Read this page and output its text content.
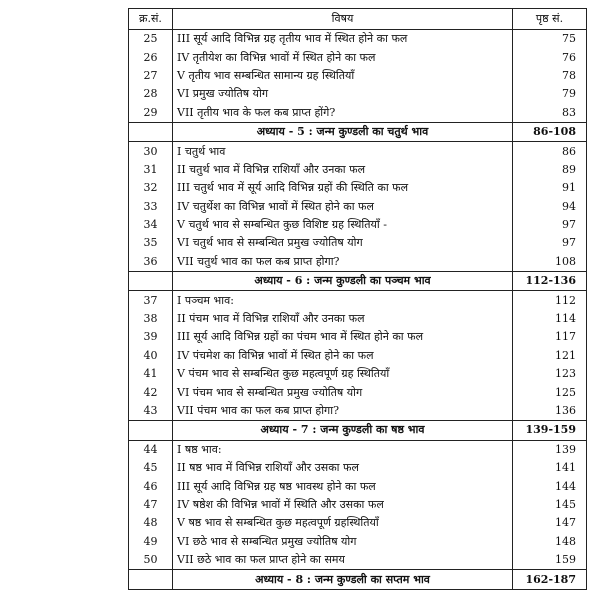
क्र.सं.	विषय	पृष्ठ सं.
25	III सूर्य आदि विभिन्न ग्रह तृतीय भाव में स्थित होने का फल	75
26	IV तृतीयेश का विभिन्न भावों में स्थित होने का फल	76
27	V तृतीय भाव सम्बन्धित सामान्य ग्रह स्थितियाँ	78
28	VI प्रमुख ज्योतिष योग	79
29	VII तृतीय भाव के फल कब प्राप्त होंगे?	83
	अध्याय - 5 : जन्म कुण्डली का चतुर्थ भाव	86-108
30	I चतुर्थ भाव	86
31	II चतुर्थ भाव में विभिन्न राशियाँ और उनका फल	89
32	III चतुर्थ भाव में सूर्य आदि विभिन्न ग्रहों की स्थिति का फल	91
33	IV चतुर्थेश का विभिन्न भावों में स्थित होने का फल	94
34	V चतुर्थ भाव से सम्बन्धित कुछ विशिष्ट ग्रह स्थितियाँ -	97
35	VI चतुर्थ भाव से सम्बन्धित प्रमुख ज्योतिष योग	97
36	VII चतुर्थ भाव का फल कब प्राप्त होगा?	108
	अध्याय - 6 : जन्म कुण्डली का पञ्चम भाव	112-136
37	I पञ्चम भाव:	112
38	II पंचम भाव में विभिन्न राशियाँ और उनका फल	114
39	III सूर्य आदि विभिन्न ग्रहों का पंचम भाव में स्थित होने का फल	117
40	IV पंचमेश का विभिन्न भावों में स्थित होने का फल	121
41	V पंचम भाव से सम्बन्धित कुछ महत्वपूर्ण ग्रह स्थितियाँ	123
42	VI पंचम भाव से सम्बन्धित प्रमुख ज्योतिष योग	125
43	VII पंचम भाव का फल कब प्राप्त होगा?	136
	अध्याय - 7 : जन्म कुण्डली का षष्ठ भाव	139-159
44	I षष्ठ भाव:	139
45	II षष्ठ भाव में विभिन्न राशियाँ और उसका फल	141
46	III सूर्य आदि विभिन्न ग्रह षष्ठ भावस्थ होने का फल	144
47	IV षष्ठेश की विभिन्न भावों में स्थिति और उसका फल	145
48	V षष्ठ भाव से सम्बन्धित कुछ महत्वपूर्ण ग्रहस्थितियाँ	147
49	VI छठे भाव से सम्बन्धित प्रमुख ज्योतिष योग	148
50	VII छठे भाव का फल प्राप्त होने का समय	159
	अध्याय - 8 : जन्म कुण्डली का सप्तम भाव	162-187
